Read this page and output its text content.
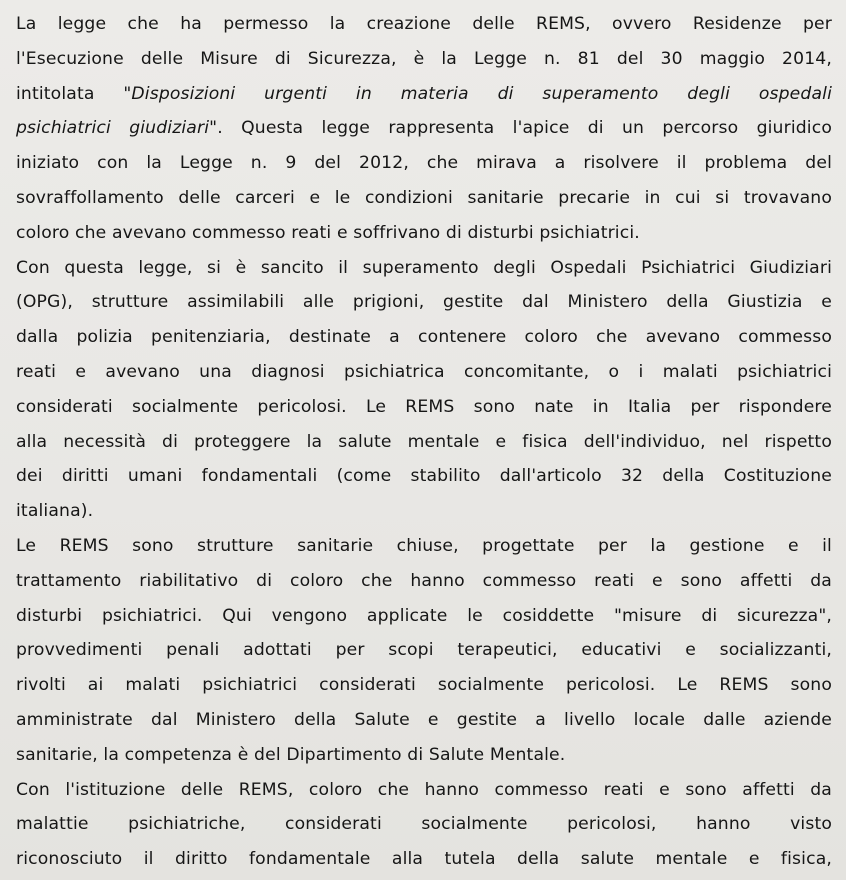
La legge che ha permesso la creazione delle REMS, ovvero Residenze per
l'Esecuzione delle Misure di Sicurezza, è la Legge n. 81 del 30 maggio 2014,
intitolata "Disposizioni urgenti in materia di superamento degli ospedali
psichiatrici giudiziari". Questa legge rappresenta l'apice di un percorso giuridico
iniziato con la Legge n. 9 del 2012, che mirava a risolvere il problema del
sovraffollamento delle carceri e le condizioni sanitarie precarie in cui si trovavano
coloro che avevano commesso reati e soffrivano di disturbi psichiatrici.
Con questa legge, si è sancito il superamento degli Ospedali Psichiatrici Giudiziari
(OPG), strutture assimilabili alle prigioni, gestite dal Ministero della Giustizia e
dalla polizia penitenziaria, destinate a contenere coloro che avevano commesso
reati e avevano una diagnosi psichiatrica concomitante, o i malati psichiatrici
considerati socialmente pericolosi. Le REMS sono nate in Italia per rispondere
alla necessità di proteggere la salute mentale e fisica dell'individuo, nel rispetto
dei diritti umani fondamentali (come stabilito dall'articolo 32 della Costituzione
italiana).
Le REMS sono strutture sanitarie chiuse, progettate per la gestione e il
trattamento riabilitativo di coloro che hanno commesso reati e sono affetti da
disturbi psichiatrici. Qui vengono applicate le cosiddette "misure di sicurezza",
provvedimenti penali adottati per scopi terapeutici, educativi e socializzanti,
rivolti ai malati psichiatrici considerati socialmente pericolosi. Le REMS sono
amministrate dal Ministero della Salute e gestite a livello locale dalle aziende
sanitarie, la competenza è del Dipartimento di Salute Mentale.
Con l'istituzione delle REMS, coloro che hanno commesso reati e sono affetti da
malattie psichiatriche, considerati socialmente pericolosi, hanno visto
riconosciuto il diritto fondamentale alla tutela della salute mentale e fisica,
